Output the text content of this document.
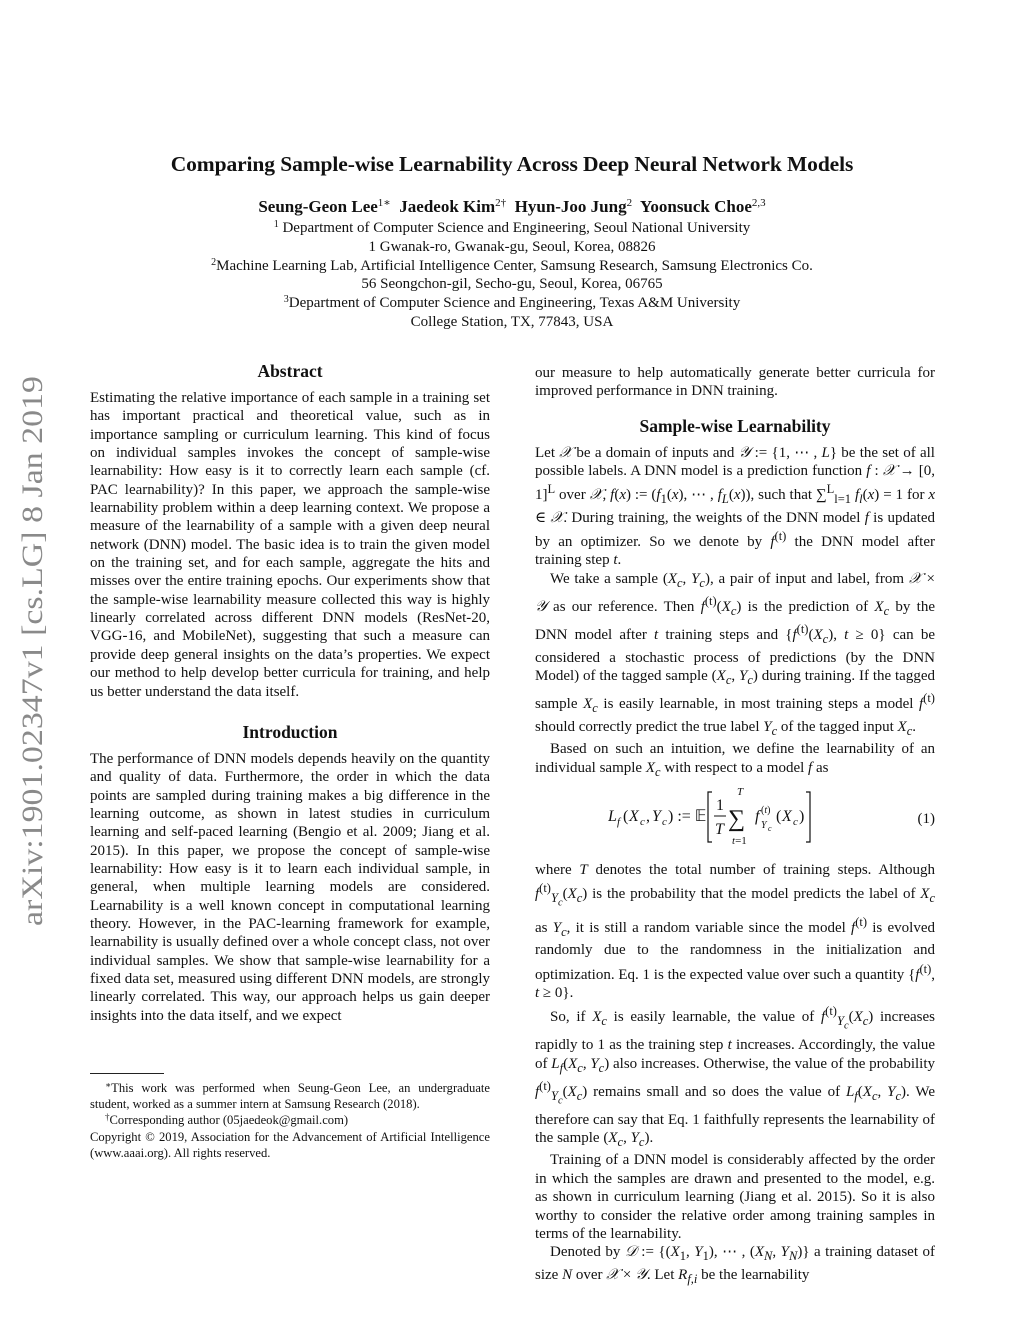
arXiv:1901.02347v1 [cs.LG] 8 Jan 2019
Comparing Sample-wise Learnability Across Deep Neural Network Models
Seung-Geon Lee$^{1∗}$ Jaedeok Kim$^{2\dagger}$ Hyun-Joo Jung$^2$ Yoonsuck Choe$^{2,3}$
$^1$ Department of Computer Science and Engineering, Seoul National University
1 Gwanak-ro, Gwanak-gu, Seoul, Korea, 08826
$^2$Machine Learning Lab, Artificial Intelligence Center, Samsung Research, Samsung Electronics Co.
56 Seongchon-gil, Secho-gu, Seoul, Korea, 06765
$^3$Department of Computer Science and Engineering, Texas A&M University
College Station, TX, 77843, USA
Abstract

Estimating the relative importance of each sample in a training set has important practical and theoretical value, such as in importance sampling or curriculum learning. This kind of focus on individual samples invokes the concept of sample-wise learnability: How easy is it to correctly learn each sample (cf. PAC learnability)? In this paper, we approach the sample-wise learnability problem within a deep learning context. We propose a measure of the learnability of a sample with a given deep neural network (DNN) model. The basic idea is to train the given model on the training set, and for each sample, aggregate the hits and misses over the entire training epochs. Our experiments show that the sample-wise learnability measure collected this way is highly linearly correlated across different DNN models (ResNet-20, VGG-16, and MobileNet), suggesting that such a measure can provide deep general insights on the data’s properties. We expect our method to help develop better curricula for training, and help us better understand the data itself.

Introduction

The performance of DNN models depends heavily on the quantity and quality of data. Furthermore, the order in which the data points are sampled during training makes a big difference in the learning outcome, as shown in latest studies in curriculum learning and self-paced learning (Bengio et al. 2009; Jiang et al. 2015). In this paper, we propose the concept of sample-wise learnability: How easy is it to learn each individual sample, in general, when multiple learning models are considered. Learnability is a well known concept in computational learning theory. However, in the PAC-learning framework for example, learnability is usually defined over a whole concept class, not over individual samples. We show that sample-wise learnability for a fixed data set, measured using different DNN models, are strongly linearly correlated. This way, our approach helps us gain deeper insights into the data itself, and we expect

∗This work was performed when Seung-Geon Lee, an undergraduate student, worked as a summer intern at Samsung Research (2018).

†Corresponding author (05jaedeok@gmail.com)

Copyright © 2019, Association for the Advancement of Artificial Intelligence (www.aaai.org). All rights reserved.

our measure to help automatically generate better curricula for improved performance in DNN training.

Sample-wise Learnability

Let 𝒳 be a domain of inputs and 𝒴 := {1, ⋯ , L} be the set of all possible labels. A DNN model is a prediction function f : 𝒳 → [0, 1]$^L$ over 𝒳, f(x) := ($f_1(x)$, ⋯ , $f_L(x)$), such that ∑$^L_{l=1}$ $f_l(x) = 1$ for x ∈ 𝒳. During training, the weights of the DNN model f is updated by an optimizer. So we denote by $f^{(t)}$ the DNN model after training step t.

We take a sample ($X_c$, $Y_c$), a pair of input and label, from 𝒳 × 𝒴 as our reference. Then $f^{(t)}(X_c)$ is the prediction of $X_c$ by the DNN model after t training steps and {$f^{(t)}(X_c)$, t ≥ 0} can be considered a stochastic process of predictions (by the DNN Model) of the tagged sample ($X_c$, $Y_c$) during training. If the tagged sample $X_c$ is easily learnable, in most training steps a model $f^{(t)}$ should correctly predict the true label $Y_c$ of the tagged input $X_c$.

Based on such an intuition, we define the learnability of an individual sample $X_c$ with respect to a model f as

L f ( X c , Y c ) := 𝔼
1
T
T
∑
t=1
f (t)
Y c
( X c )	(1)

where T denotes the total number of training steps. Although $f^{(t)}_{Y_c}(X_c)$ is the probability that the model predicts the label of $X_c$ as $Y_c$, it is still a random variable since the model $f^{(t)}$ is evolved randomly due to the randomness in the initialization and optimization. Eq. 1 is the expected value over such a quantity {$f^{(t)}$, t ≥ 0}.

So, if $X_c$ is easily learnable, the value of $f^{(t)}_{Y_c}(X_c)$ increases rapidly to 1 as the training step t increases. Accordingly, the value of $L_f(X_c$, $Y_c$) also increases. Otherwise, the value of the probability $f^{(t)}_{Y_c}(X_c)$ remains small and so does the value of $L_f(X_c$, $Y_c$). We therefore can say that Eq. 1 faithfully represents the learnability of the sample ($X_c$, $Y_c$).

Training of a DNN model is considerably affected by the order in which the samples are drawn and presented to the model, e.g. as shown in curriculum learning (Jiang et al. 2015). So it is also worthy to consider the relative order among training samples in terms of the learnability.

Denoted by 𝒟 := {($X_1$, $Y_1$), ⋯ , ($X_N$, $Y_N$)} a training dataset of size N over 𝒳 × 𝒴. Let $R_{f,i}$ be the learnability
